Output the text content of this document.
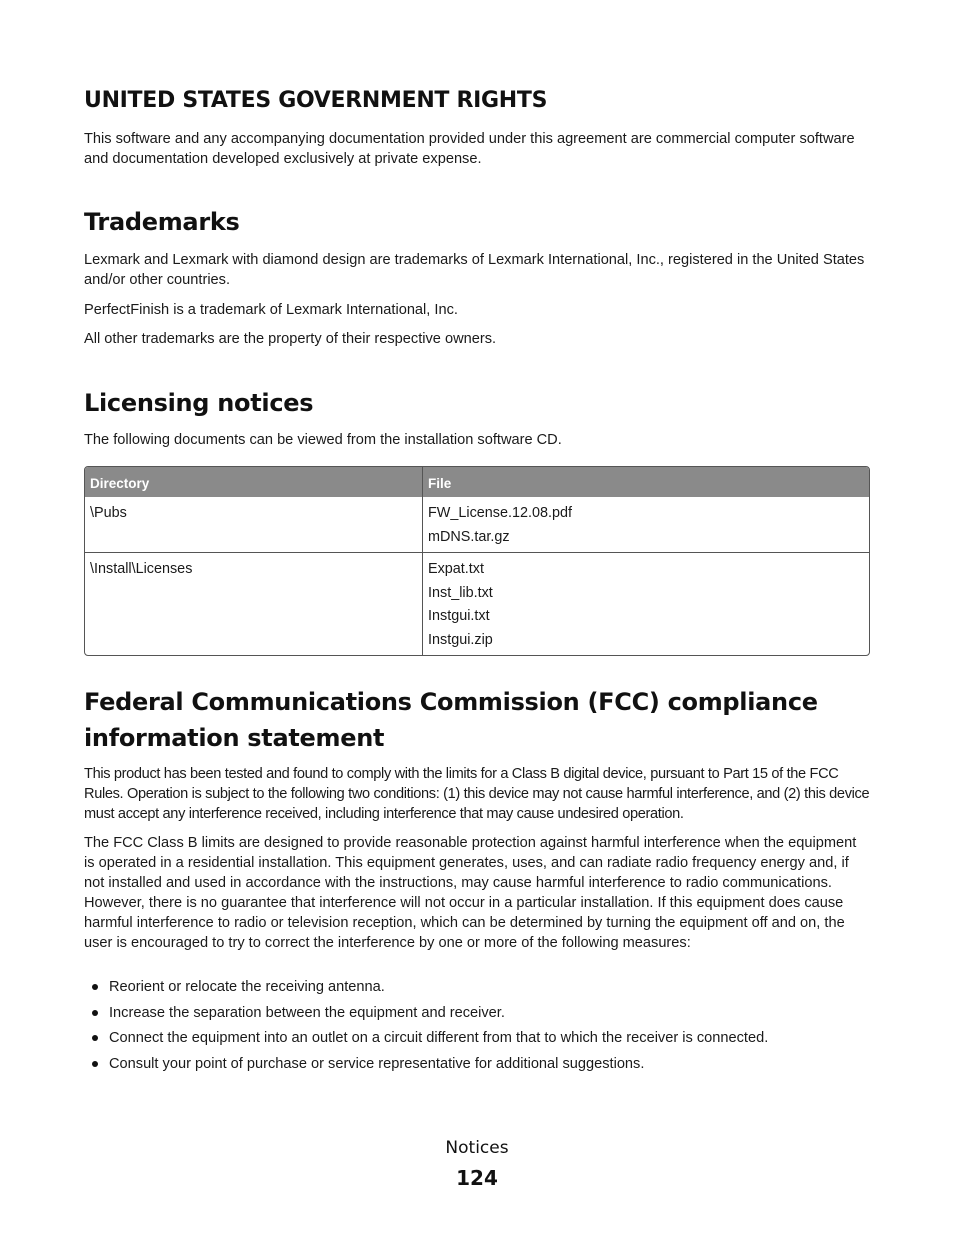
UNITED STATES GOVERNMENT RIGHTS

This software and any accompanying documentation provided under this agreement are commercial computer software and documentation developed exclusively at private expense.

Trademarks

Lexmark and Lexmark with diamond design are trademarks of Lexmark International, Inc., registered in the United States and/or other countries.

PerfectFinish is a trademark of Lexmark International, Inc.

All other trademarks are the property of their respective owners.

Licensing notices

The following documents can be viewed from the installation software CD.

Directory	File
\Pubs	FW_License.12.08.pdf
mDNS.tar.gz

\Install\Licenses	Expat.txt
Inst_lib.txt
Instgui.txt
Instgui.zip
Federal Communications Commission (FCC) compliance information statement

This product has been tested and found to comply with the limits for a Class B digital device, pursuant to Part 15 of the FCC Rules. Operation is subject to the following two conditions: (1) this device may not cause harmful interference, and (2) this device must accept any interference received, including interference that may cause undesired operation.

The FCC Class B limits are designed to provide reasonable protection against harmful interference when the equipment is operated in a residential installation. This equipment generates, uses, and can radiate radio frequency energy and, if not installed and used in accordance with the instructions, may cause harmful interference to radio communications. However, there is no guarantee that interference will not occur in a particular installation. If this equipment does cause harmful interference to radio or television reception, which can be determined by turning the equipment off and on, the user is encouraged to try to correct the interference by one or more of the following measures:

Reorient or relocate the receiving antenna.
Increase the separation between the equipment and receiver.
Connect the equipment into an outlet on a circuit different from that to which the receiver is connected.
Consult your point of purchase or service representative for additional suggestions.
Notices
124
